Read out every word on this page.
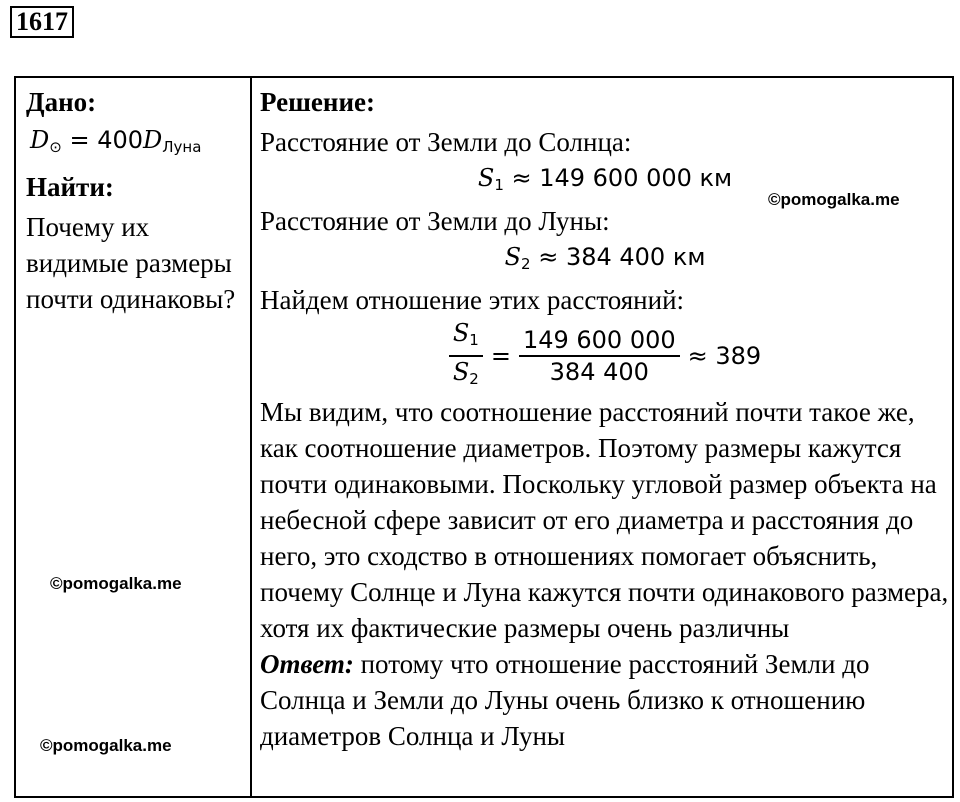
1617
Дано:
$D_⊙ = 400D_{Луна}$
Найти:
Почему их видимые размеры почти одинаковы?
Решение:
Расстояние от Земли до Солнца:
$S_1 \approx 149$ 600 000 км
Расстояние от Земли до Луны:
$S_2 \approx 384$ 400 км
Найдем отношение этих расстояний:
$\frac{S_1}{S_2} = \frac{149 600 000}{384 400} \approx 389$
Мы видим, что соотношение расстояний почти такое же, как соотношение диаметров. Поэтому размеры кажутся почти одинаковыми. Поскольку угловой размер объекта на небесной сфере зависит от его диаметра и расстояния до него, это сходство в отношениях помогает объяснить, почему Солнце и Луна кажутся почти одинакового размера, хотя их фактические размеры очень различны
Ответ: потому что отношение расстояний Земли до Солнца и Земли до Луны очень близко к отношению диаметров Солнца и Луны
©pomogalka.me
©pomogalka.me
©pomogalka.me
